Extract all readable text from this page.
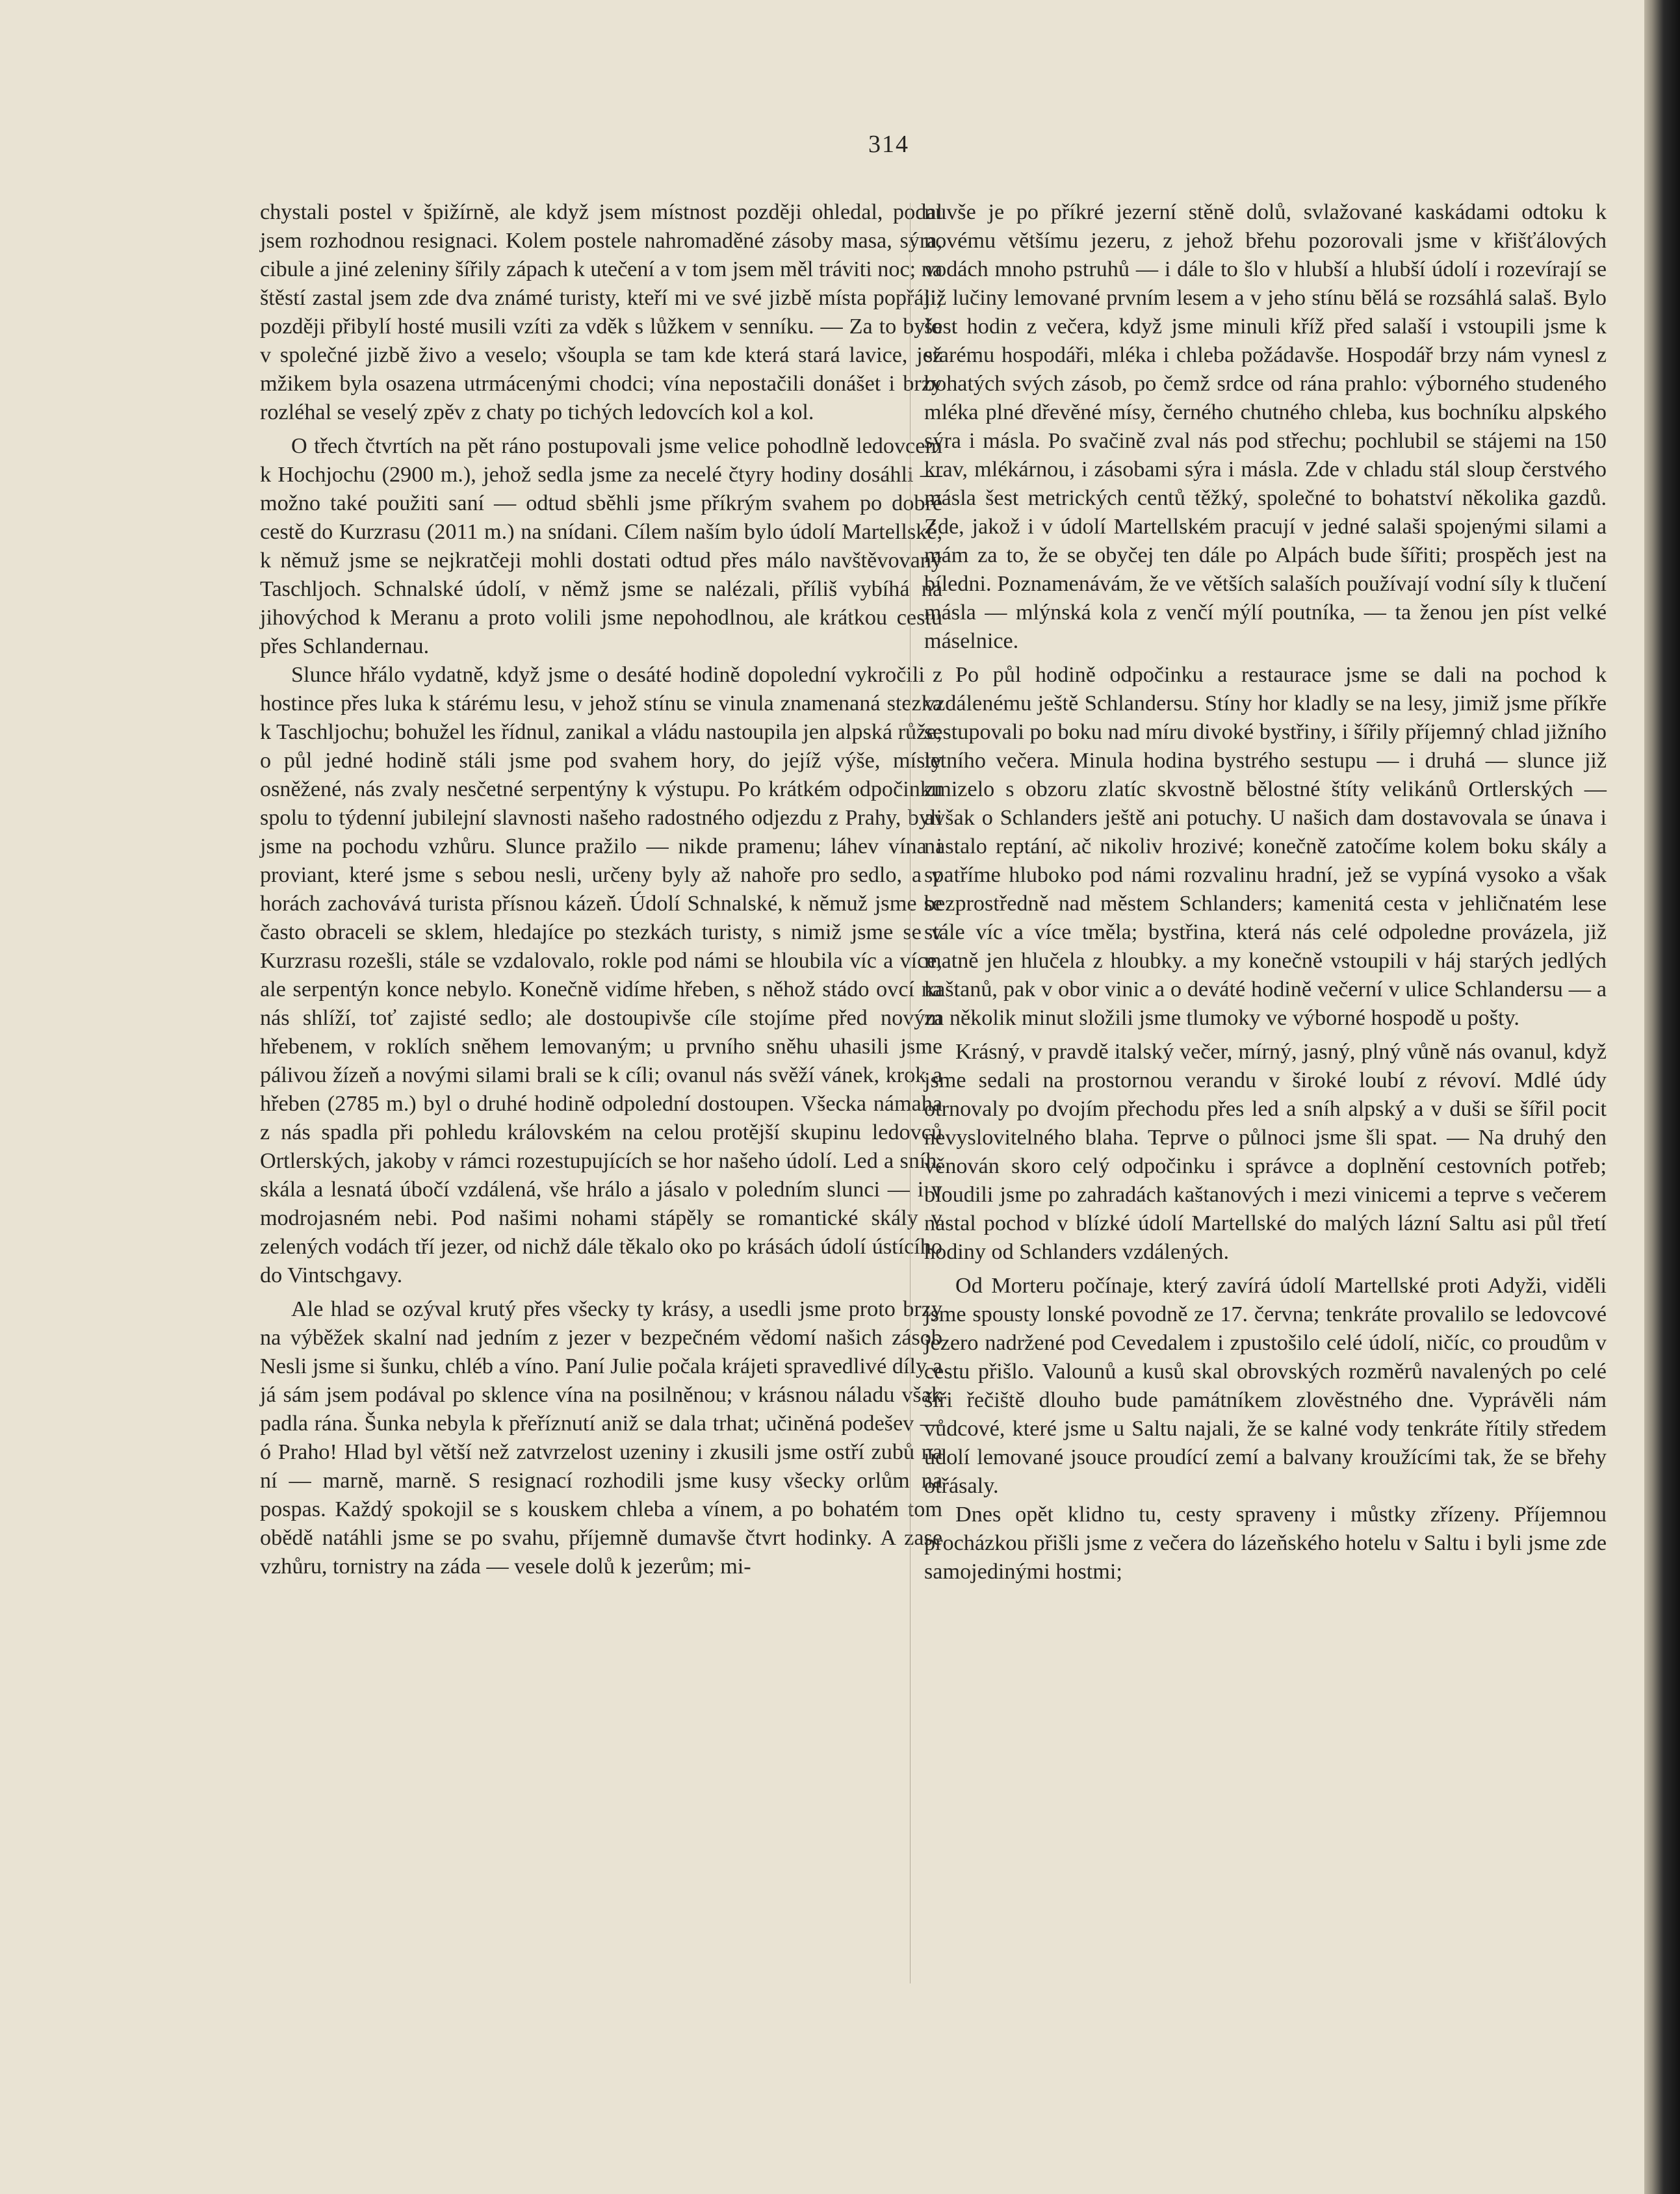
314

chystali postel v špižírně, ale když jsem místnost později ohledal, podal jsem rozhodnou resignaci. Kolem postele nahromaděné zásoby masa, sýra, cibule a jiné zeleniny šířily zápach k utečení a v tom jsem měl tráviti noc; na štěstí zastal jsem zde dva známé turisty, kteří mi ve své jizbě místa popřáli; později přibylí hosté musili vzíti za vděk s lůžkem v senníku. — Za to bylo v společné jizbě živo a veselo; všoupla se tam kde která stará lavice, jež mžikem byla osazena utrmácenými chodci; vína nepostačili donášet i brzy rozléhal se veselý zpěv z chaty po tichých ledovcích kol a kol.

O třech čtvrtích na pět ráno postupovali jsme velice pohodlně ledovcem k Hochjochu (2900 m.), jehož sedla jsme za necelé čtyry hodiny dosáhli — možno také použiti saní — odtud sběhli jsme příkrým svahem po dobré cestě do Kurzrasu (2011 m.) na snídani. Cílem naším bylo údolí Martellské, k němuž jsme se nejkratčeji mohli dostati odtud přes málo navštěvovaný Taschljoch. Schnalské údolí, v němž jsme se nalézali, příliš vybíhá na jihovýchod k Meranu a proto volili jsme nepohodlnou, ale krátkou cestu přes Schlandernau.

Slunce hřálo vydatně, když jsme o desáté hodině dopolední vykročili z hostince přes luka k stárému lesu, v jehož stínu se vinula znamenaná stezka k Taschljochu; bohužel les řídnul, zanikal a vládu nastoupila jen alpská růže; o půl jedné hodině stáli jsme pod svahem hory, do jejíž výše, místy osněžené, nás zvaly nesčetné serpentýny k výstupu. Po krátkém odpočinku spolu to týdenní jubilejní slavnosti našeho radostného odjezdu z Prahy, byli jsme na pochodu vzhůru. Slunce pražilo — nikde pramenu; láhev vína i proviant, které jsme s sebou nesli, určeny byly až nahoře pro sedlo, a v horách zachovává turista přísnou kázeň. Údolí Schnalské, k němuž jsme se často obraceli se sklem, hledajíce po stezkách turisty, s nimiž jsme se v Kurzrasu rozešli, stále se vzdalovalo, rokle pod námi se hloubila víc a více, ale serpentýn konce nebylo. Konečně vidíme hřeben, s něhož stádo ovcí na nás shlíží, toť zajisté sedlo; ale dostoupivše cíle stojíme před novým hřebenem, v roklích sněhem lemovaným; u prvního sněhu uhasili jsme pálivou žízeň a novými silami brali se k cíli; ovanul nás svěží vánek, krok a hřeben (2785 m.) byl o druhé hodině odpolední dostoupen. Všecka námaha z nás spadla při pohledu královském na celou protější skupinu ledovců Ortlerských, jakoby v rámci rozestupujících se hor našeho údolí. Led a sníh, skála a lesnatá úbočí vzdálená, vše hrálo a jásalo v poledním slunci — i v modrojasném nebi. Pod našimi nohami stápěly se romantické skály v zelených vodách tří jezer, od nichž dále těkalo oko po krásách údolí ústícího do Vintschgavy.

Ale hlad se ozýval krutý přes všecky ty krásy, a usedli jsme proto brzy na výběžek skalní nad jedním z jezer v bezpečném vědomí našich zásob Nesli jsme si šunku, chléb a víno. Paní Julie počala krájeti spravedlivé díly a já sám jsem podával po sklence vína na posilněnou; v krásnou náladu však padla rána. Šunka nebyla k přeříznutí aniž se dala trhat; učiněná podešev — ó Praho! Hlad byl větší než zatvrzelost uzeniny i zkusili jsme ostří zubů na ní — marně, marně. S resignací rozhodili jsme kusy všecky orlům na pospas. Každý spokojil se s kouskem chleba a vínem, a po bohatém tom obědě natáhli jsme se po svahu, příjemně dumavše čtvrt hodinky. A zase vzhůru, tornistry na záda — vesele dolů k jezerům; mi-

nuvše je po příkré jezerní stěně dolů, svlažované kaskádami odtoku k novému většímu jezeru, z jehož břehu pozorovali jsme v křišťálových vodách mnoho pstruhů — i dále to šlo v hlubší a hlubší údolí i rozevírají se již lučiny lemované prvním lesem a v jeho stínu bělá se rozsáhlá salaš. Bylo šest hodin z večera, když jsme minuli kříž před salaší i vstoupili jsme k starému hospodáři, mléka i chleba požádavše. Hospodář brzy nám vynesl z bohatých svých zásob, po čemž srdce od rána prahlo: výborného studeného mléka plné dřevěné mísy, černého chutného chleba, kus bochníku alpského sýra i másla. Po svačině zval nás pod střechu; pochlubil se stájemi na 150 krav, mlékárnou, i zásobami sýra i másla. Zde v chladu stál sloup čerstvého másla šest metrických centů těžký, společné to bohatství několika gazdů. Zde, jakož i v údolí Martellském pracují v jedné salaši spojenými silami a mám za to, že se obyčej ten dále po Alpách bude šířiti; prospěch jest na bíledni. Poznamenávám, že ve větších salaších používají vodní síly k tlučení másla — mlýnská kola z venčí mýlí poutníka, — ta ženou jen píst velké máselnice.

Po půl hodině odpočinku a restaurace jsme se dali na pochod k vzdálenému ještě Schlandersu. Stíny hor kladly se na lesy, jimiž jsme příkře sestupovali po boku nad míru divoké bystřiny, i šířily příjemný chlad jižního letního večera. Minula hodina bystrého sestupu — i druhá — slunce již zmizelo s obzoru zlatíc skvostně bělostné štíty velikánů Ortlerských — avšak o Schlanders ještě ani potuchy. U našich dam dostavovala se únava i nastalo reptání, ač nikoliv hrozivé; konečně zatočíme kolem boku skály a spatříme hluboko pod námi rozvalinu hradní, jež se vypíná vysoko a však bezprostředně nad městem Schlanders; kamenitá cesta v jehličnatém lese stále víc a více tměla; bystřina, která nás celé odpoledne provázela, již matně jen hlučela z hloubky. a my konečně vstoupili v háj starých jedlých kaštanů, pak v obor vinic a o deváté hodině večerní v ulice Schlandersu — a za několik minut složili jsme tlumoky ve výborné hospodě u pošty.

Krásný, v pravdě italský večer, mírný, jasný, plný vůně nás ovanul, když jsme sedali na prostornou verandu v široké loubí z révoví. Mdlé údy otrnovaly po dvojím přechodu přes led a sníh alpský a v duši se šířil pocit nevyslovitelného blaha. Teprve o půlnoci jsme šli spat. — Na druhý den věnován skoro celý odpočinku i správce a doplnění cestovních potřeb; bloudili jsme po zahradách kaštanových i mezi vinicemi a teprve s večerem nastal pochod v blízké údolí Martellské do malých lázní Saltu asi půl třetí hodiny od Schlanders vzdálených.

Od Morteru počínaje, který zavírá údolí Martellské proti Adyži, viděli jsme spousty lonské povodně ze 17. června; tenkráte provalilo se ledovcové jezero nadržené pod Cevedalem i zpustošilo celé údolí, ničíc, co proudům v cestu přišlo. Valounů a kusů skal obrovských rozměrů navalených po celé šíři řečiště dlouho bude památníkem zlověstného dne. Vyprávěli nám vůdcové, které jsme u Saltu najali, že se kalné vody tenkráte řítily středem údolí lemované jsouce proudící zemí a balvany kroužícími tak, že se břehy otřásaly.

Dnes opět klidno tu, cesty spraveny i můstky zřízeny. Příjemnou procházkou přišli jsme z večera do lázeňského hotelu v Saltu i byli jsme zde samojedinými hostmi;
